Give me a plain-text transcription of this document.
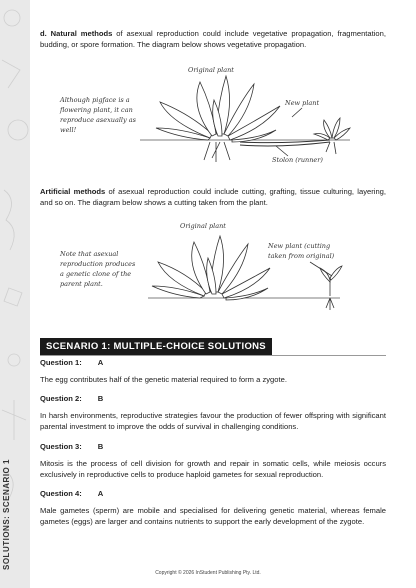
SOLUTIONS: SCENARIO 1

d. Natural methods of asexual reproduction could include vegetative propagation, fragmentation, budding, or spore formation. The diagram below shows vegetative propagation.

Original plant
Although pigface is a
flowering plant, it can
reproduce asexually as
well!
New plant
Stolon (runner)

Artificial methods of asexual reproduction could include cutting, grafting, tissue culturing, layering, and so on. The diagram below shows a cutting taken from the plant.

Original plant
Note that asexual
reproduction produces
a genetic clone of the
parent plant.
New plant (cutting
taken from original)
SCENARIO 1: MULTIPLE-CHOICE SOLUTIONS

Question 1: A

The egg contributes half of the genetic material required to form a zygote.

Question 2: B

In harsh environments, reproductive strategies favour the production of fewer offspring with significant parental investment to improve the odds of survival in challenging conditions.

Question 3: B

Mitosis is the process of cell division for growth and repair in somatic cells, while meiosis occurs exclusively in reproductive cells to produce haploid gametes for sexual reproduction.

Question 4: A

Male gametes (sperm) are mobile and specialised for delivering genetic material, whereas female gametes (eggs) are larger and contains nutrients to support the early development of the zygote.

Copyright © 2026 InStudent Publishing Pty. Ltd.
